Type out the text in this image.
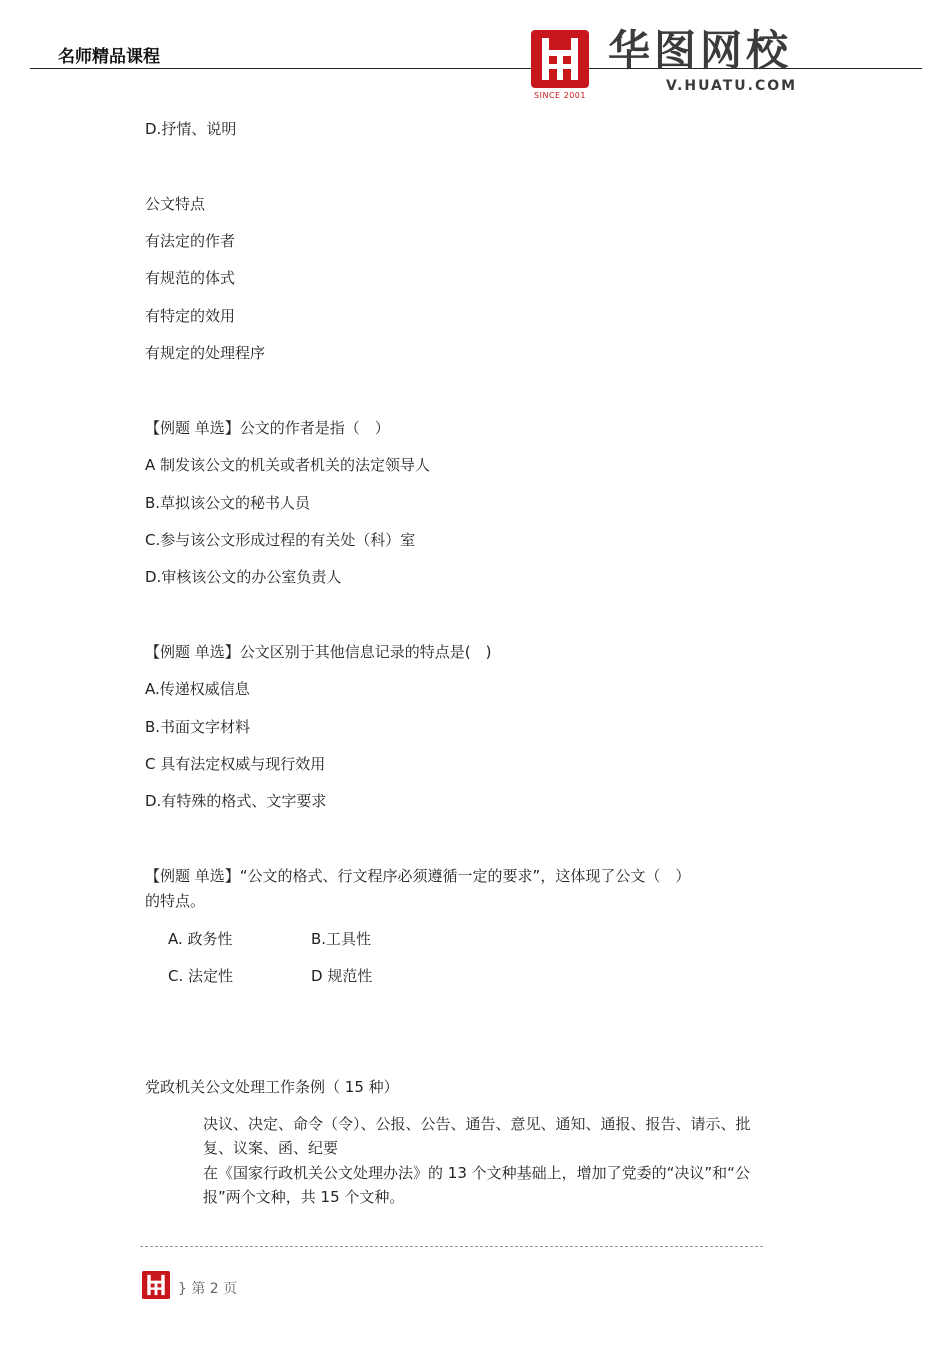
名师精品课程
SINCE 2001
华图网校
V.HUATU.COM
D.抒情、说明
公文特点
有法定的作者
有规范的体式
有特定的效用
有规定的处理程序
【例题 单选】公文的作者是指（　）
A 制发该公文的机关或者机关的法定领导人
B.草拟该公文的秘书人员
C.参与该公文形成过程的有关处（科）室
D.审核该公文的办公室负责人
【例题 单选】公文区别于其他信息记录的特点是(　)
A.传递权威信息
B.书面文字材料
C 具有法定权威与现行效用
D.有特殊的格式、文字要求
【例题 单选】“公文的格式、行文程序必须遵循一定的要求”，这体现了公文（　）
的特点。
A. 政务性	B.工具性
C. 法定性	D 规范性
党政机关公文处理工作条例（ 15 种）
决议、决定、命令（令）、公报、公告、通告、意见、通知、通报、报告、请示、批复、议案、函、纪要
在《国家行政机关公文处理办法》的 13 个文种基础上，增加了党委的“决议”和“公报”两个文种，共 15 个文种。
} 第 2 页
